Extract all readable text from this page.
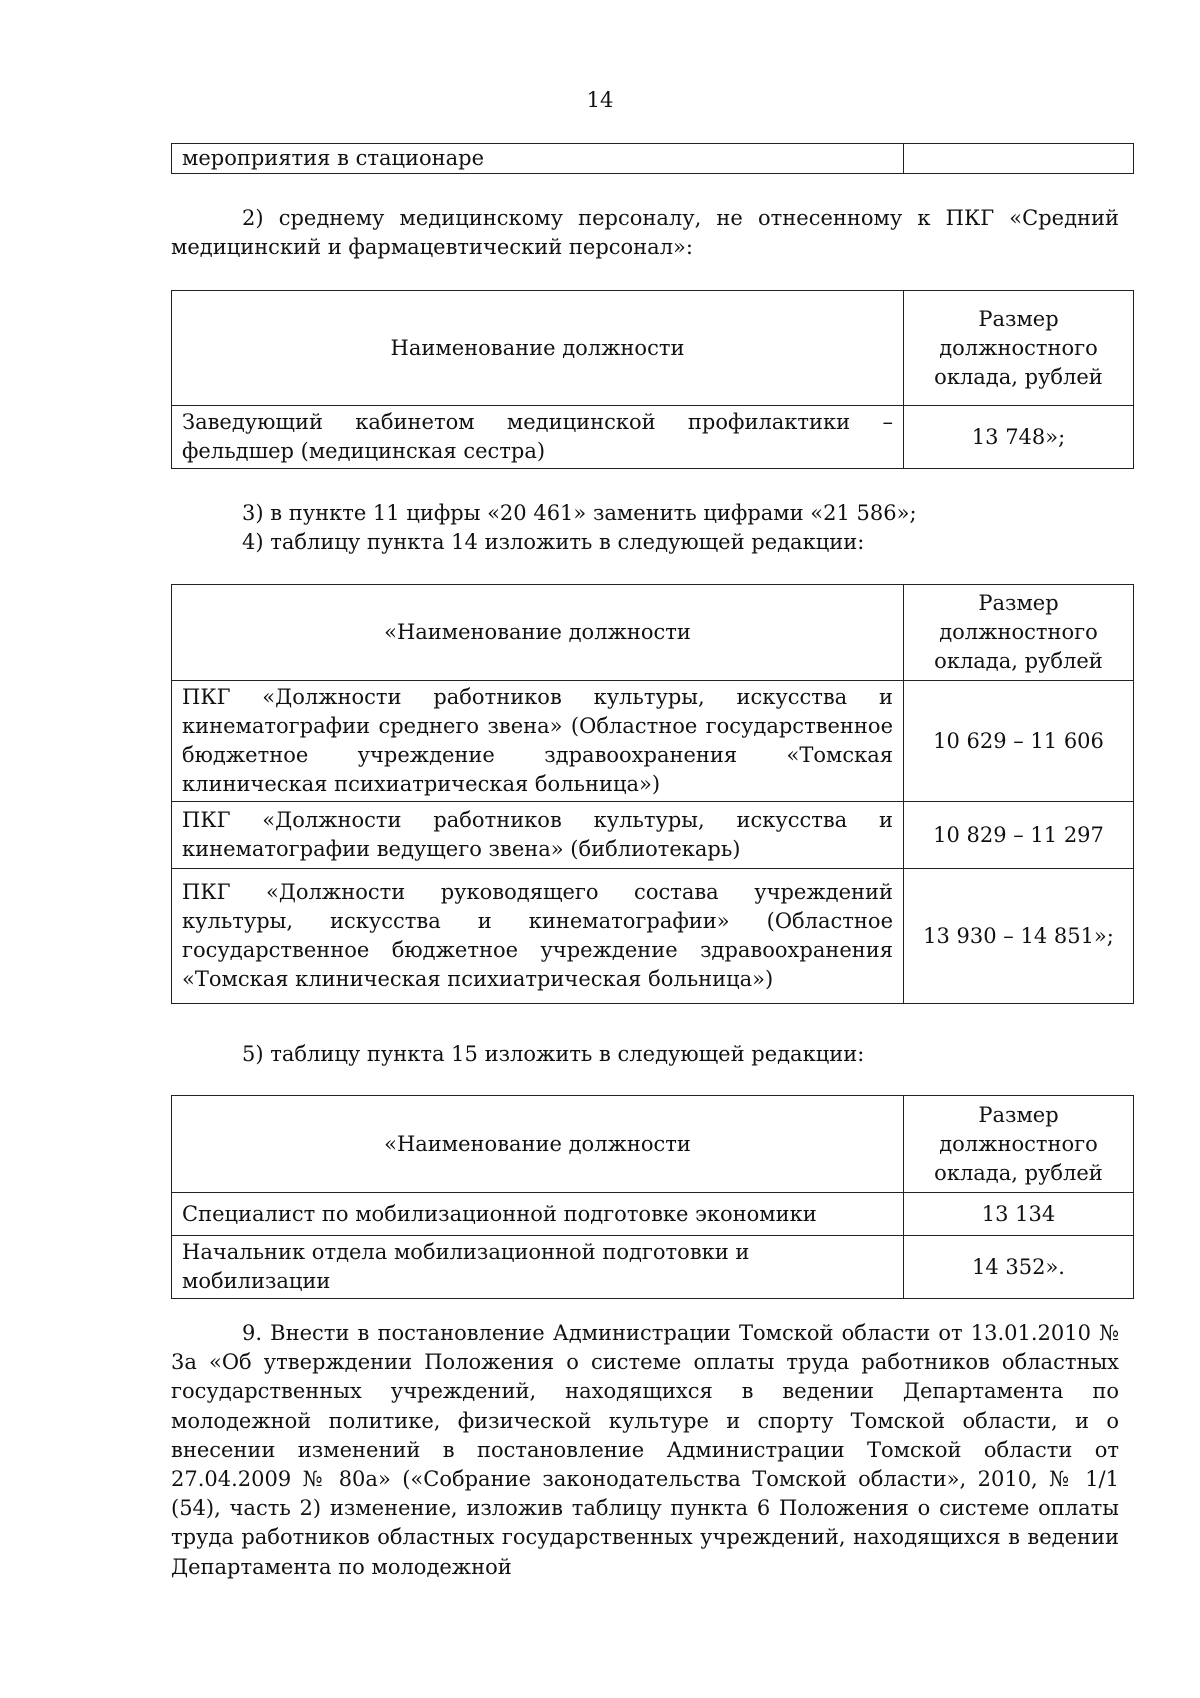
14
мероприятия в стационаре	
2) среднему медицинскому персоналу, не отнесенному к ПКГ «Средний
медицинский и фармацевтический персонал»:
Наименование должности	Размер должностного оклада, рублей
Заведующий кабинетом медицинской профилактики – фельдшер (медицинская сестра)	13 748»;
3) в пункте 11 цифры «20 461» заменить цифрами «21 586»;
4) таблицу пункта 14 изложить в следующей редакции:
«Наименование должности	Размер должностного оклада, рублей
ПКГ «Должности работников культуры, искусства и кинематографии среднего звена» (Областное государственное бюджетное учреждение здравоохранения «Томская клиническая психиатрическая больница»)	10 629 – 11 606
ПКГ «Должности работников культуры, искусства и кинематографии ведущего звена» (библиотекарь)	10 829 – 11 297
ПКГ «Должности руководящего состава учреждений культуры, искусства и кинематографии» (Областное государственное бюджетное учреждение здравоохранения «Томская клиническая психиатрическая больница»)	13 930 – 14 851»;
5) таблицу пункта 15 изложить в следующей редакции:
«Наименование должности	Размер должностного оклада, рублей
Специалист по мобилизационной подготовке экономики	13 134
Начальник отдела мобилизационной подготовки и мобилизации	14 352».
9. Внести в постановление Администрации Томской области от 13.01.2010 № 3а «Об утверждении Положения о системе оплаты труда работников областных государственных учреждений, находящихся в ведении Департамента по молодежной политике, физической культуре и спорту Томской области, и о внесении изменений в постановление Администрации Томской области от 27.04.2009 № 80а» («Собрание законодательства Томской области», 2010, № 1/1 (54), часть 2) изменение, изложив таблицу пункта 6 Положения о системе оплаты труда работников областных государственных учреждений, находящихся в ведении Департамента по молодежной
